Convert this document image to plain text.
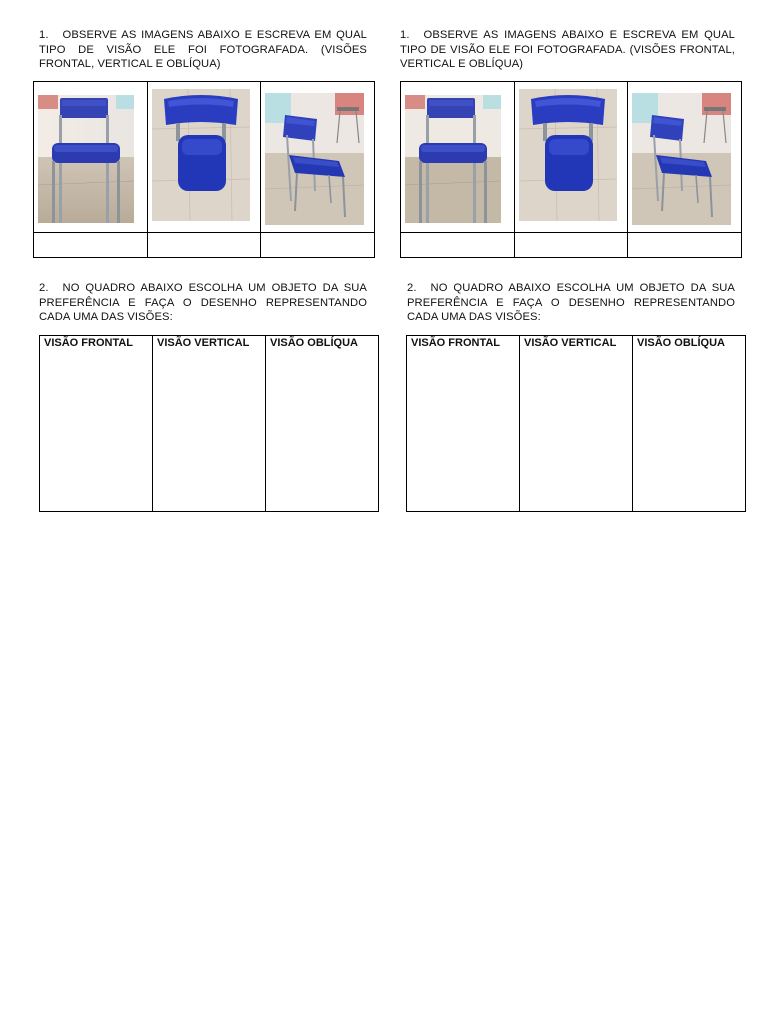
1. OBSERVE AS IMAGENS ABAIXO E ESCREVA EM QUAL TIPO DE VISÃO ELE FOI FOTOGRAFADA. (VISÕES FRONTAL, VERTICAL E OBLÍQUA)

2. NO QUADRO ABAIXO ESCOLHA UM OBJETO DA SUA PREFERÊNCIA E FAÇA O DESENHO REPRESENTANDO CADA UMA DAS VISÕES:
VISÃO FRONTAL	VISÃO VERTICAL	VISÃO OBLÍQUA
1. OBSERVE AS IMAGENS ABAIXO E ESCREVA EM QUAL TIPO DE VISÃO ELE FOI FOTOGRAFADA. (VISÕES FRONTAL, VERTICAL E OBLÍQUA)

2. NO QUADRO ABAIXO ESCOLHA UM OBJETO DA SUA PREFERÊNCIA E FAÇA O DESENHO REPRESENTANDO CADA UMA DAS VISÕES:
VISÃO FRONTAL	VISÃO VERTICAL	VISÃO OBLÍQUA
